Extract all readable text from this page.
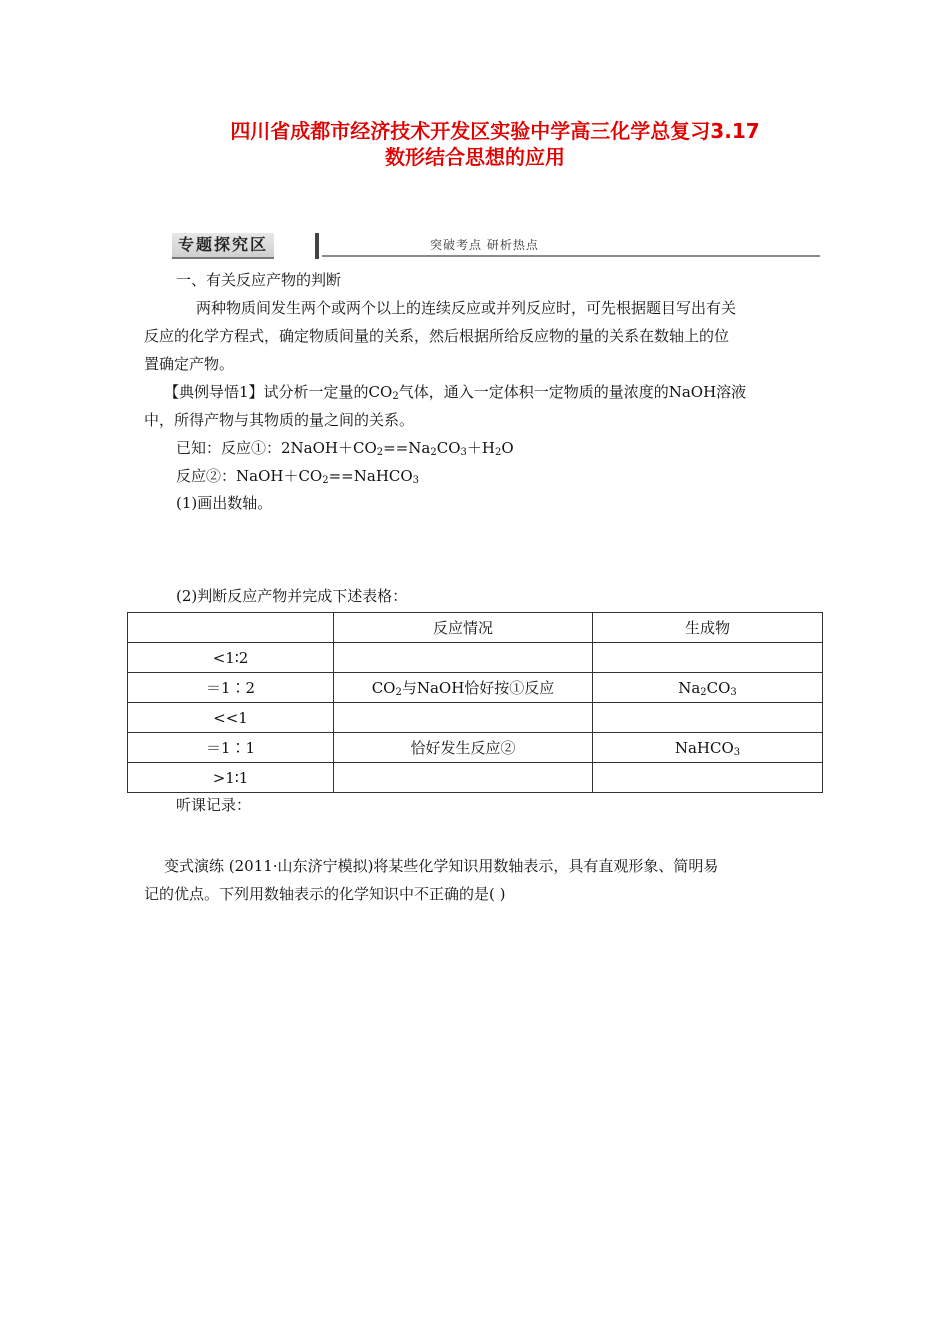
四川省成都市经济技术开发区实验中学高三化学总复习3.17
数形结合思想的应用
专题探究区	突破考点 研析热点
一、有关反应产物的判断
两种物质间发生两个或两个以上的连续反应或并列反应时，可先根据题目写出有关
反应的化学方程式，确定物质间量的关系，然后根据所给反应物的量的关系在数轴上的位
置确定产物。
【典例导悟1】试分析一定量的$CO_2$气体，通入一定体积一定物质的量浓度的NaOH溶液
中，所得产物与其物质的量之间的关系。
已知：反应①：$2NaOH+CO_2==Na_2CO_3+H_2O$
反应②：$NaOH+CO_2==NaHCO_3$
(1)画出数轴。
(2)判断反应产物并完成下述表格：
	反应情况	生成物
<1∶2		
＝1∶2	$CO_2$与NaOH恰好按①反应	$Na_2CO_3$
<<1		
＝1∶1	恰好发生反应②	NaHCO$_3$
>1∶1		
听课记录：
变式演练 (2011·山东济宁模拟)将某些化学知识用数轴表示，具有直观形象、简明易
记的优点。下列用数轴表示的化学知识中不正确的是( )
